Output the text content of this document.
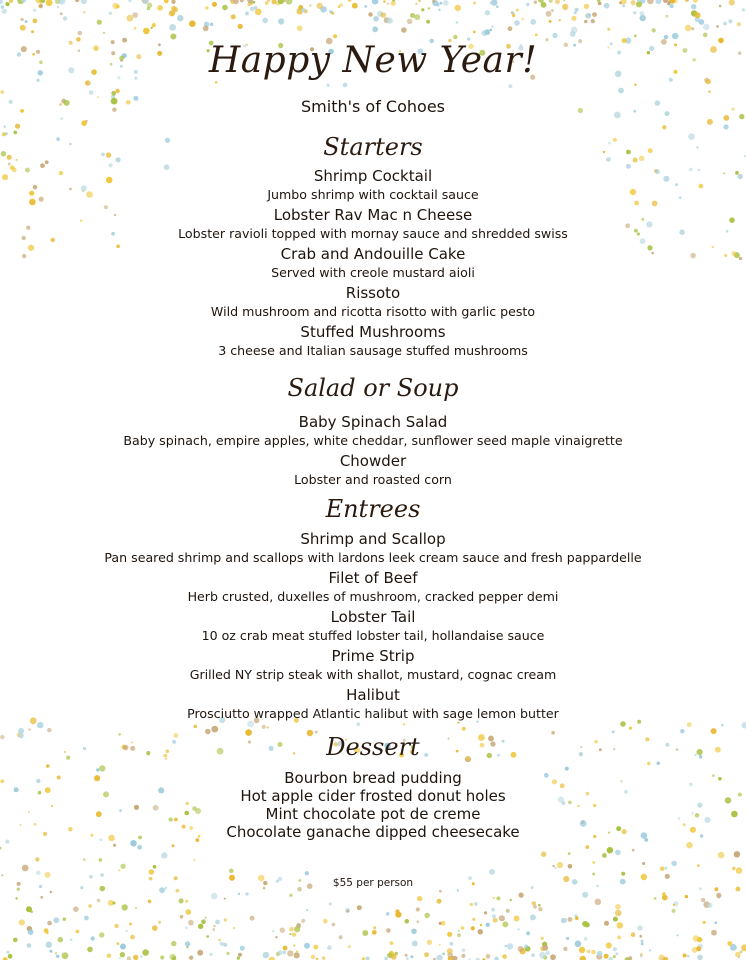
Happy New Year!
Smith's of Cohoes
Starters
Shrimp Cocktail
Jumbo shrimp with cocktail sauce
Lobster Rav Mac n Cheese
Lobster ravioli topped with mornay sauce and shredded swiss
Crab and Andouille Cake
Served with creole mustard aioli
Rissoto
Wild mushroom and ricotta risotto with garlic pesto
Stuffed Mushrooms
3 cheese and Italian sausage stuffed mushrooms
Salad or Soup
Baby Spinach Salad
Baby spinach, empire apples, white cheddar, sunflower seed maple vinaigrette
Chowder
Lobster and roasted corn
Entrees
Shrimp and Scallop
Pan seared shrimp and scallops with lardons leek cream sauce and fresh pappardelle
Filet of Beef
Herb crusted, duxelles of mushroom, cracked pepper demi
Lobster Tail
10 oz crab meat stuffed lobster tail, hollandaise sauce
Prime Strip
Grilled NY strip steak with shallot, mustard, cognac cream
Halibut
Prosciutto wrapped Atlantic halibut with sage lemon butter
Dessert
Bourbon bread pudding
Hot apple cider frosted donut holes
Mint chocolate pot de creme
Chocolate ganache dipped cheesecake
$55 per person
